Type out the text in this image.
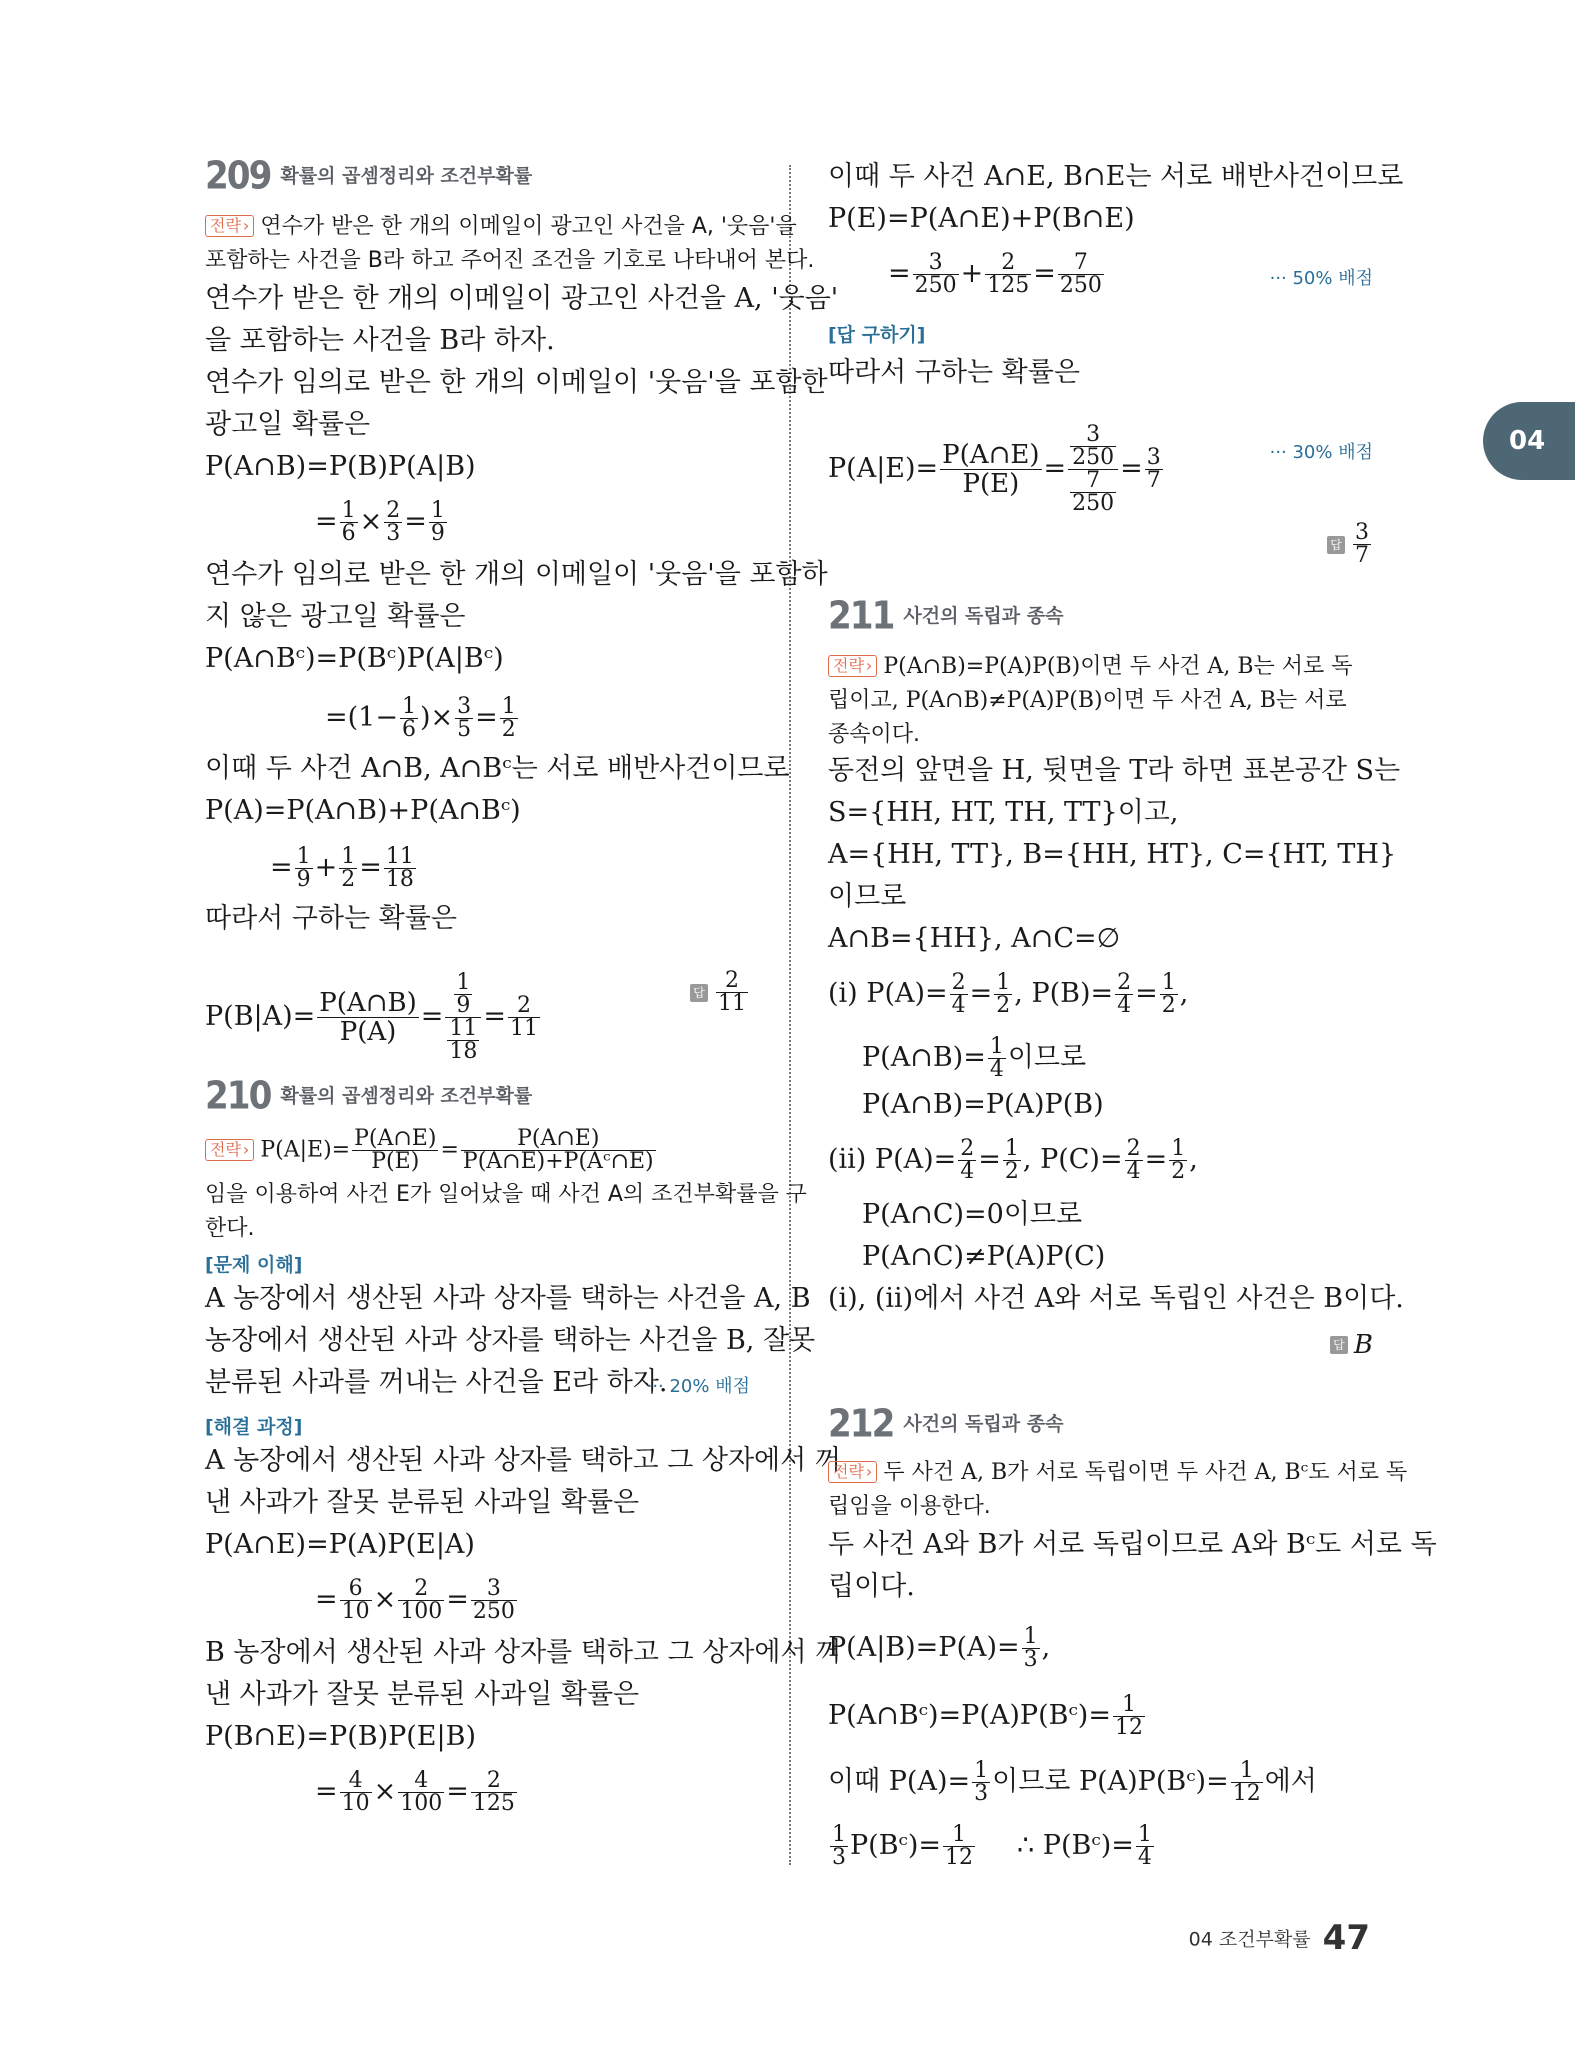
04
209 확률의 곱셈정리와 조건부확률
전략 › 연수가 받은 한 개의 이메일이 광고인 사건을 A, '웃음'을
포함하는 사건을 B라 하고 주어진 조건을 기호로 나타내어 본다.
연수가 받은 한 개의 이메일이 광고인 사건을 A, '웃음'
을 포함하는 사건을 B라 하자.
연수가 임의로 받은 한 개의 이메일이 '웃음'을 포함한
광고일 확률은
P(A∩B)=P(B)P(A|B)
= $\frac{1}{6} \times \frac{2}{3} = \frac{1}{9}$
연수가 임의로 받은 한 개의 이메일이 '웃음'을 포함하
지 않은 광고일 확률은
P(A∩Bᶜ)=P(Bᶜ)P(A|Bᶜ)
$=(1- \frac{1}{6}$ )× $\frac{3}{5} = \frac{1}{2}$
이때 두 사건 A∩B, A∩Bᶜ는 서로 배반사건이므로
P(A)=P(A∩B)+P(A∩Bᶜ)
= $\frac{1}{9} + \frac{1}{2} = \frac{11}{18}$
따라서 구하는 확률은
$P(B|A)= \frac{P(A\cap B)}{P(A)} = \frac{\frac{1}{9}}{\frac{11}{18}} = \frac{2}{11}$
답 $\frac{2}{11}$
210 확률의 곱셈정리와 조건부확률
전략 › $P(A|E)= \frac{P(A\cap E)}{P(E)} = \frac{P(A\cap E)}{\text{P(A∩E)+P(Aᶜ∩E)}}$
임을 이용하여 사건 E가 일어났을 때 사건 A의 조건부확률을 구
한다.
[문제 이해]
A 농장에서 생산된 사과 상자를 택하는 사건을 A, B
농장에서 생산된 사과 상자를 택하는 사건을 B, 잘못
분류된 사과를 꺼내는 사건을 E라 하자.
··· 20% 배점
[해결 과정]
A 농장에서 생산된 사과 상자를 택하고 그 상자에서 꺼
낸 사과가 잘못 분류된 사과일 확률은
P(A∩E)=P(A)P(E|A)
= $\frac{6}{10} \times \frac{2}{100} = \frac{3}{250}$
B 농장에서 생산된 사과 상자를 택하고 그 상자에서 꺼
낸 사과가 잘못 분류된 사과일 확률은
P(B∩E)=P(B)P(E|B)
= $\frac{4}{10} \times \frac{4}{100} = \frac{2}{125}$
이때 두 사건 A∩E, B∩E는 서로 배반사건이므로
P(E)=P(A∩E)+P(B∩E)
= $\frac{3}{250} + \frac{2}{125} = \frac{7}{250}$	··· 50% 배점
[답 구하기]
따라서 구하는 확률은
$P(A|E)= \frac{P(A\cap E)}{P(E)} = \frac{\frac{3}{250}}{\frac{7}{250}} = \frac{3}{7}$	··· 30% 배점
답 $\frac{3}{7}$
211 사건의 독립과 종속
전략 › P(A∩B)=P(A)P(B)이면 두 사건 A, B는 서로 독
립이고, P(A∩B)≠P(A)P(B)이면 두 사건 A, B는 서로
종속이다.
동전의 앞면을 H, 뒷면을 T라 하면 표본공간 S는
S={HH, HT, TH, TT}이고,
A={HH, TT}, B={HH, HT}, C={HT, TH}
이므로
A∩B={HH}, A∩C=∅
(i) $P(A)= \frac{2}{4} = \frac{1}{2}$ , $P(B)= \frac{2}{4} = \frac{1}{2}$ ,
P(A∩B)= $\frac{1}{4}$ 이므로
P(A∩B)=P(A)P(B)
(ii) $P(A)= \frac{2}{4} = \frac{1}{2}$ , $P(C)= \frac{2}{4} = \frac{1}{2}$ ,
P(A∩C)=0이므로
P(A∩C)≠P(A)P(C)
(i), (ii)에서 사건 A와 서로 독립인 사건은 B이다.
답 B
212 사건의 독립과 종속
전략 › 두 사건 A, B가 서로 독립이면 두 사건 A, Bᶜ도 서로 독
립임을 이용한다.
두 사건 A와 B가 서로 독립이므로 A와 Bᶜ도 서로 독
립이다.
$P(A|B)=P(A)= \frac{1}{3}$ ,
P(A∩Bᶜ)=P(A)P(Bᶜ)= $\frac{1}{12}$
이때 $P(A)= \frac{1}{3}$ 이므로 P(A)P(Bᶜ)= $\frac{1}{12}$ 에서
$\frac{1}{3}$ P(Bᶜ)= $\frac{1}{12}$ ∴ P(Bᶜ)= $\frac{1}{4}$
04 조건부확률 47
